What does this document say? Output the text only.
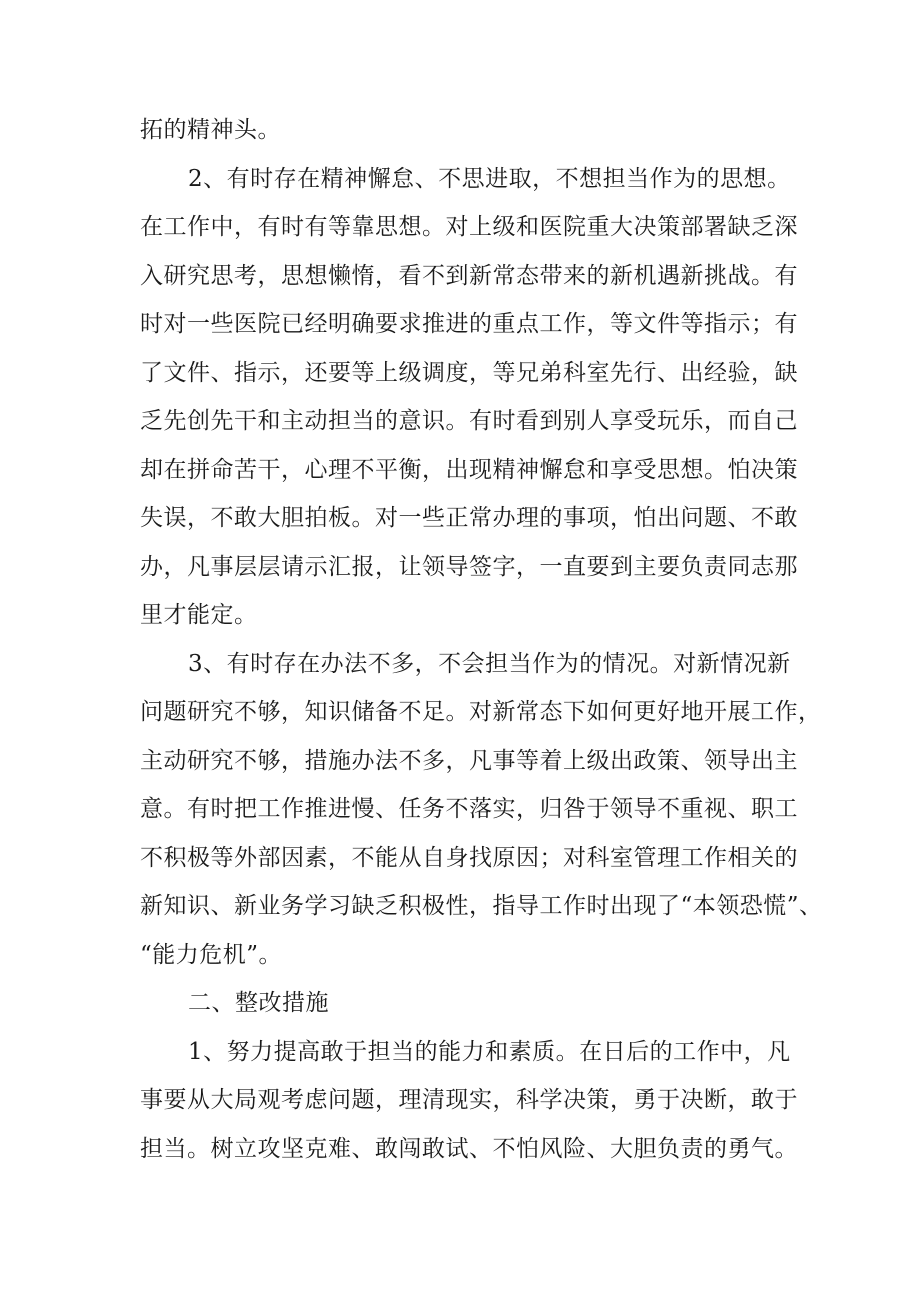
拓的精神头。
2、有时存在精神懈怠、不思进取，不想担当作为的思想。
在工作中，有时有等靠思想。对上级和医院重大决策部署缺乏深
入研究思考，思想懒惰，看不到新常态带来的新机遇新挑战。有
时对一些医院已经明确要求推进的重点工作，等文件等指示；有
了文件、指示，还要等上级调度，等兄弟科室先行、出经验，缺
乏先创先干和主动担当的意识。有时看到别人享受玩乐，而自己
却在拼命苦干，心理不平衡，出现精神懈怠和享受思想。怕决策
失误，不敢大胆拍板。对一些正常办理的事项，怕出问题、不敢
办，凡事层层请示汇报，让领导签字，一直要到主要负责同志那
里才能定。
3、有时存在办法不多，不会担当作为的情况。对新情况新
问题研究不够，知识储备不足。对新常态下如何更好地开展工作，
主动研究不够，措施办法不多，凡事等着上级出政策、领导出主
意。有时把工作推进慢、任务不落实，归咎于领导不重视、职工
不积极等外部因素，不能从自身找原因；对科室管理工作相关的
新知识、新业务学习缺乏积极性，指导工作时出现了“本领恐慌”、
“能力危机”。
二、整改措施
1、努力提高敢于担当的能力和素质。在日后的工作中，凡
事要从大局观考虑问题，理清现实，科学决策，勇于决断，敢于
担当。树立攻坚克难、敢闯敢试、不怕风险、大胆负责的勇气。
